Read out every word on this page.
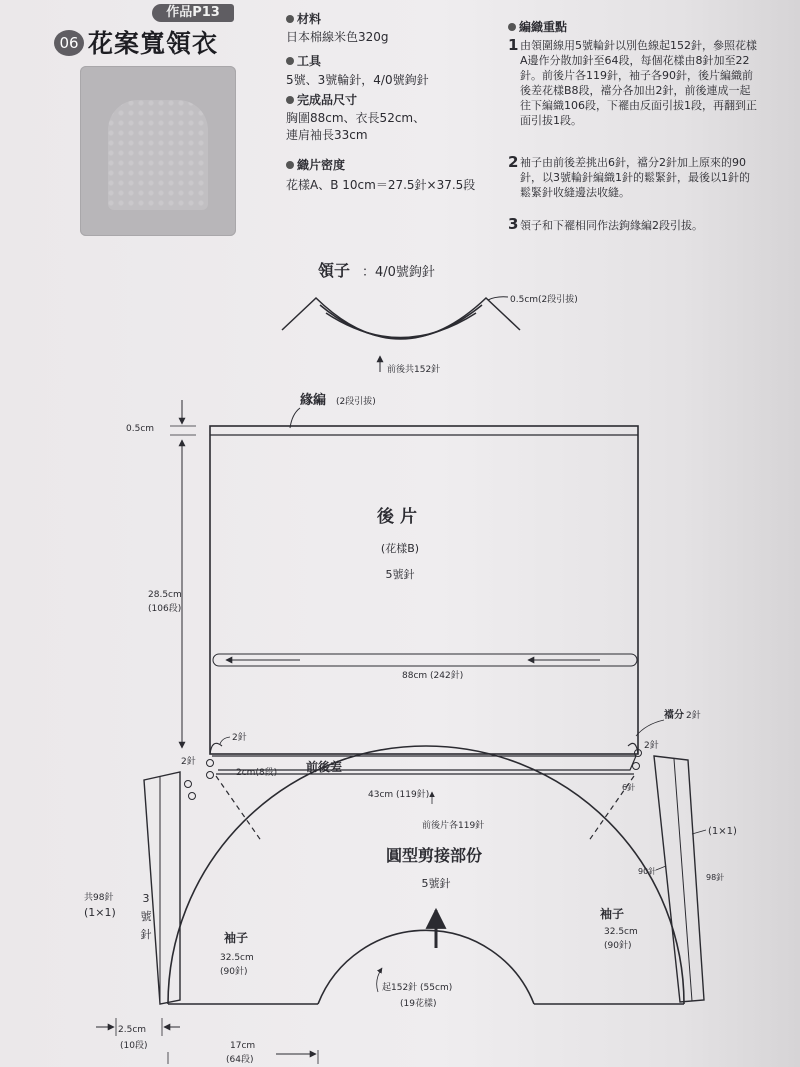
作品P13
06 花案寬領衣
材料
日本棉線米色320g
工具
5號、3號輪針，4/0號鉤針
完成品尺寸
胸圍88cm、衣長52cm、
連肩袖長33cm
織片密度
花樣A、B 10cm＝27.5針×37.5段
編織重點
1 由領圍線用5號輪針以別色線起152針，參照花樣
A邊作分散加針至64段，每個花樣由8針加至22
針。前後片各119針，袖子各90針，後片編織前
後差花樣B8段，襠分各加出2針，前後連成一起
往下編織106段，下襬由反面引拔1段，再翻到正
面引拔1段。
2 袖子由前後差挑出6針，襠分2針加上原來的90
針，以3號輪針編織1針的鬆緊針，最後以1針的
鬆緊針收縫邊法收縫。
3 領子和下襬相同作法鉤緣編2段引拔。
領子 ：4/0號鉤針
0.5cm(2段引拔)
前後共152針
緣編 (2段引拔)
0.5cm
28.5cm
(106段)
後 片
(花樣B)
5號針
88cm (242針)
2針
襠分 2針
2cm(8段) 前後差
2針
6針
43cm (119針)
前後片各119針
圓型剪接部份
5號針
袖子
32.5cm
(90針)
袖子
32.5cm
(90針)
起152針 (55cm)
(19花樣)
2針
共98針
(1×1)
3
號
針
(1×1)
90針
98針
2.5cm
(10段)	17cm
(64段)
